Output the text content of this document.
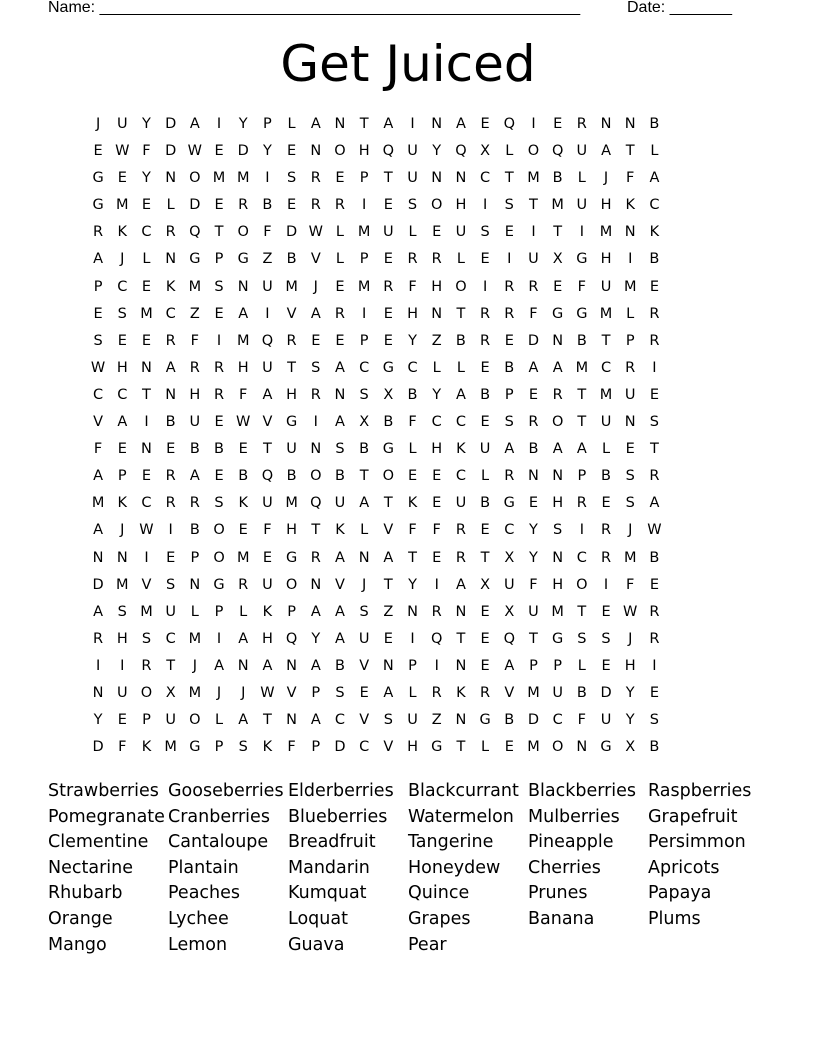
Name: ______________________________________________________	Date: _______
Get Juiced
J	U Y D A	I	Y	P	L	A N T	A	I	N A	E Q	I	E	R N N B
E W F D W E D Y	E N O H Q U Y Q X	L O Q U A	T	L
G E	Y N O M M	I	S	R	E	P	T U N N C	T M B	L	J	F	A
G M E	L	D E	R B	E	R R	I	E	S O H	I	S	T M U H K C
R K C R Q T O F D W L M U	L	E U S	E	I	T	I	M N K
A	J	L	N G P G Z B V	L	P	E	R R	L	E	I	U X G H	I	B
P	C	E	K M S N U M	J	E M R	F	H O	I	R R	E	F	U M E
E	S M C Z	E	A	I	V A R	I	E H N T	R R	F G G M L	R
S	E	E	R	F	I	M Q R	E	E	P	E	Y	Z B R	E D N B	T	P	R
W H N A R R H U T	S	A C G C	L	L	E	B A A M C R	I
C C	T N H R	F	A H R N S	X B	Y	A B	P	E	R	T M U E
V A	I	B U E W V G	I	A X B	F	C C	E	S	R O T U N S
F	E N E	B B	E	T U N S	B G	L	H K U A B A A	L	E	T
A	P	E	R A	E	B Q B O B	T O E	E	C	L	R N N P	B	S	R
M K C R R	S	K U M Q U A	T	K	E U B G E H R	E	S	A
A	J	W	I	B O E	F	H T	K	L	V	F	F	R	E	C	Y	S	I	R	J	W
N N	I	E	P O M E G R A N A	T	E	R	T	X	Y N C R M B
D M V	S N G R U O N V	J	T	Y	I	A X U	F	H O	I	F	E
A	S M U	L	P	L	K	P	A A	S	Z N R N E	X U M T	E W R
R H S	C M	I	A H Q Y	A U E	I	Q T	E Q T G S	S	J	R
I	I	R	T	J	A N A N A B V N P	I	N E	A	P	P	L	E H	I
N U O X M	J	J	W V	P	S	E	A	L	R K R V M U B D Y	E
Y	E	P	U O L	A	T N A C V	S U Z N G B D C	F	U Y	S
D F	K M G P	S	K	F	P D C V H G T	L	E M O N G X B
Strawberries Gooseberries Elderberries Blackcurrant Blackberries Raspberries
Pomegranate Cranberries	Blueberries	Watermelon Mulberries	Grapefruit
Clementine	Cantaloupe	Breadfruit	Tangerine	Pineapple	Persimmon
Nectarine	Plantain	Mandarin	Honeydew	Cherries	Apricots
Rhubarb	Peaches	Kumquat	Quince	Prunes	Papaya
Orange	Lychee	Loquat	Grapes	Banana	Plums
Mango	Lemon	Guava	Pear
